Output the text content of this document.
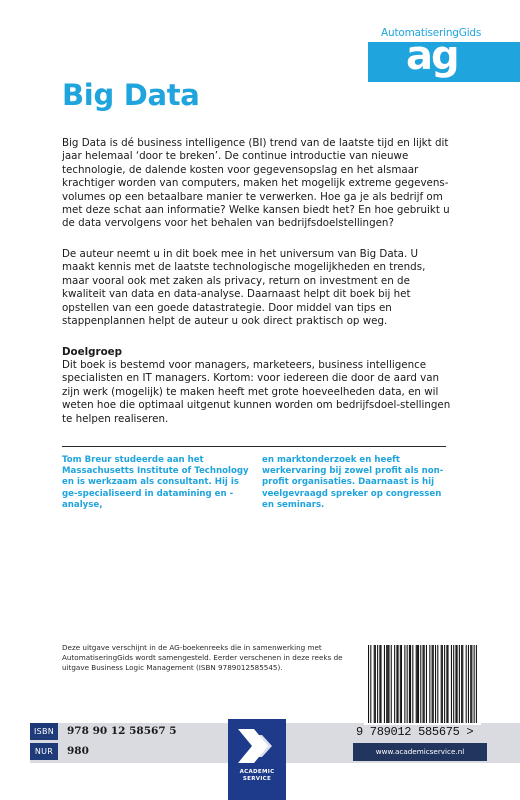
AutomatiseringGids
ag
Big Data

Big Data is dé business intelligence (BI) trend van de laatste tijd en lijkt dit jaar helemaal ‘door te breken’. De continue introductie van nieuwe technologie, de dalende kosten voor gegevensopslag en het alsmaar krachtiger worden van computers, maken het mogelijk extreme gegevens-volumes op een betaalbare manier te verwerken. Hoe ga je als bedrijf om met deze schat aan informatie? Welke kansen biedt het? En hoe gebruikt u de data vervolgens voor het behalen van bedrijfsdoelstellingen?

De auteur neemt u in dit boek mee in het universum van Big Data. U maakt kennis met de laatste technologische mogelijkheden en trends, maar vooral ook met zaken als privacy, return on investment en de kwaliteit van data en data-analyse. Daarnaast helpt dit boek bij het opstellen van een goede datastrategie. Door middel van tips en stappenplannen helpt de auteur u ook direct praktisch op weg.

Doelgroep

Dit boek is bestemd voor managers, marketeers, business intelligence specialisten en IT managers. Kortom: voor iedereen die door de aard van zijn werk (mogelijk) te maken heeft met grote hoeveelheden data, en wil weten hoe die optimaal uitgenut kunnen worden om bedrijfsdoel-stellingen te helpen realiseren.

Tom Breur studeerde aan het Massachusetts Institute of Technology en is werkzaam als consultant. Hij is ge-specialiseerd in datamining en -analyse,
en marktonderzoek en heeft werkervaring bij zowel profit als non-profit organisaties. Daarnaast is hij veelgevraagd spreker op congressen en seminars.
Deze uitgave verschijnt in de AG-boekenreeks die in samenwerking met AutomatiseringGids wordt samengesteld. Eerder verschenen in deze reeks de uitgave Business Logic Management (ISBN 9789012585545).
ISBN	978 90 12 58567 5
NUR	980
ACADEMIC
SERVICE
9 789012 585675 >
www.academicservice.nl
